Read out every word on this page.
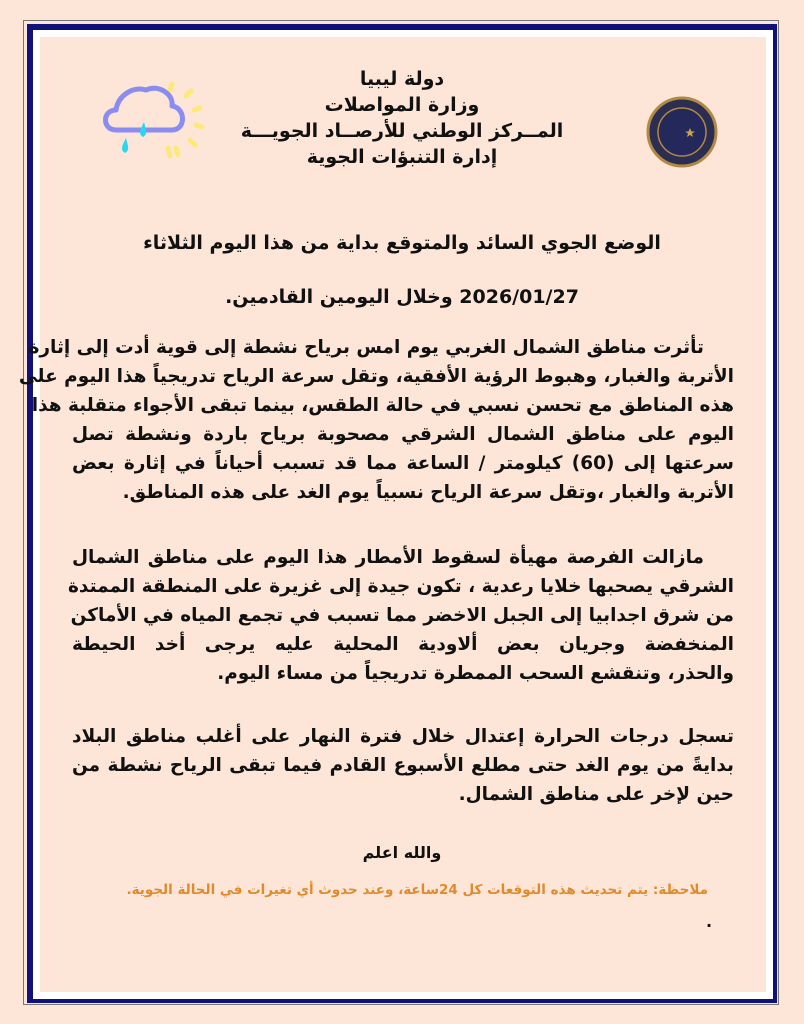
دولة ليبيا
وزارة المواصلات
المــركز الوطني للأرصــاد الجويـــة
إدارة التنبؤات الجوية
الوضع الجوي السائد والمتوقع بداية من هذا اليوم الثلاثاء
2026/01/27 وخلال اليومين القادمين.
تأثرت مناطق الشمال الغربي يوم امس برياح نشطة إلى قوية أدت إلى إثارة
الأتربة والغبار، وهبوط الرؤية الأفقية، وتقل سرعة الرياح تدريجياً هذا اليوم على
هذه المناطق مع تحسن نسبي في حالة الطقس، بينما تبقى الأجواء متقلبة هذا
اليوم على مناطق الشمال الشرقي مصحوبة برياح باردة ونشطة تصل
سرعتها إلى (60) كيلومتر / الساعة مما قد تسبب أحياناً في إثارة بعض
الأتربة والغبار ،وتقل سرعة الرياح نسبياً يوم الغد على هذه المناطق.
مازالت الفرصة مهيأة لسقوط الأمطار هذا اليوم على مناطق الشمال
الشرقي يصحبها خلايا رعدية ، تكون جيدة إلى غزيرة على المنطقة الممتدة
من شرق اجدابيا إلى الجبل الاخضر مما تسبب في تجمع المياه في الأماكن
المنخفضة وجريان بعض ألاودية المحلية عليه يرجى أخد الحيطة
والحذر، وتنقشع السحب الممطرة تدريجياً من مساء اليوم.
تسجل درجات الحرارة إعتدال خلال فترة النهار على أغلب مناطق البلاد
بدايةً من يوم الغد حتى مطلع الأسبوع القادم فيما تبقى الرياح نشطة من
حين لإخر على مناطق الشمال.
والله اعلم
ملاحظة: يتم تحديث هذه التوقعات كل 24ساعة، وعند حدوث أي تغيرات في الحالة الجوية.
.
